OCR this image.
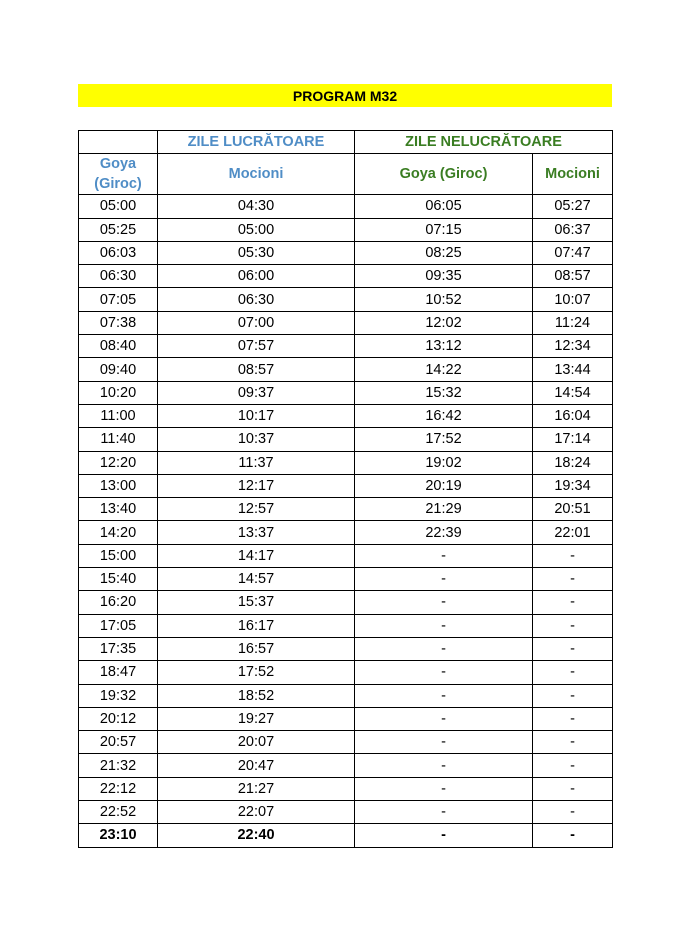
PROGRAM M32
	ZILE LUCRĂTOARE	ZILE NELUCRĂTOARE	
Goya
(Giroc)	Mocioni	Goya (Giroc)	Mocioni
05:00	04:30	06:05	05:27
05:25	05:00	07:15	06:37
06:03	05:30	08:25	07:47
06:30	06:00	09:35	08:57
07:05	06:30	10:52	10:07
07:38	07:00	12:02	11:24
08:40	07:57	13:12	12:34
09:40	08:57	14:22	13:44
10:20	09:37	15:32	14:54
11:00	10:17	16:42	16:04
11:40	10:37	17:52	17:14
12:20	11:37	19:02	18:24
13:00	12:17	20:19	19:34
13:40	12:57	21:29	20:51
14:20	13:37	22:39	22:01
15:00	14:17	-	-
15:40	14:57	-	-
16:20	15:37	-	-
17:05	16:17	-	-
17:35	16:57	-	-
18:47	17:52	-	-
19:32	18:52	-	-
20:12	19:27	-	-
20:57	20:07	-	-
21:32	20:47	-	-
22:12	21:27	-	-
22:52	22:07	-	-
23:10	22:40	-	-
